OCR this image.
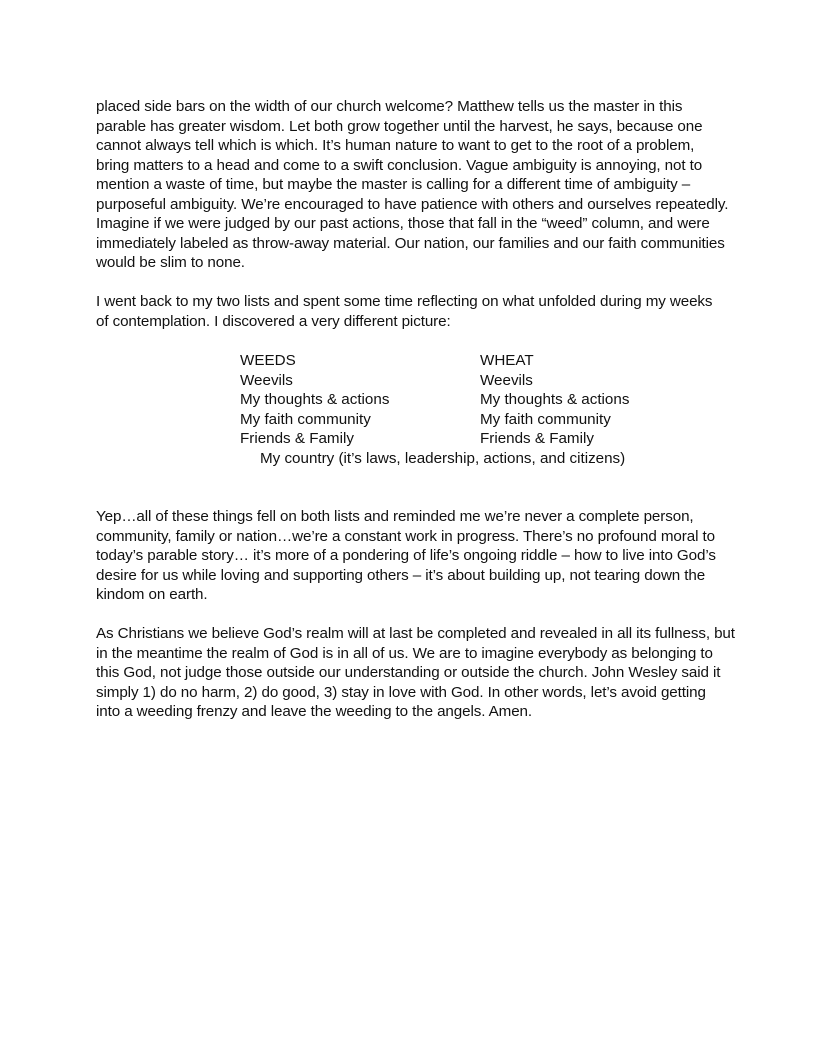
placed side bars on the width of our church welcome? Matthew tells us the master in this
parable has greater wisdom. Let both grow together until the harvest, he says, because one
cannot always tell which is which. It’s human nature to want to get to the root of a problem,
bring matters to a head and come to a swift conclusion. Vague ambiguity is annoying, not to
mention a waste of time, but maybe the master is calling for a different time of ambiguity –
purposeful ambiguity. We’re encouraged to have patience with others and ourselves repeatedly.
Imagine if we were judged by our past actions, those that fall in the “weed” column, and were
immediately labeled as throw-away material. Our nation, our families and our faith communities
would be slim to none.
I went back to my two lists and spent some time reflecting on what unfolded during my weeks
of contemplation. I discovered a very different picture:
WEEDS	WHEAT
Weevils	Weevils
My thoughts & actions	My thoughts & actions
My faith community	My faith community
Friends & Family	Friends & Family
My country (it’s laws, leadership, actions, and citizens)
Yep…all of these things fell on both lists and reminded me we’re never a complete person,
community, family or nation…we’re a constant work in progress. There’s no profound moral to
today’s parable story… it’s more of a pondering of life’s ongoing riddle – how to live into God’s
desire for us while loving and supporting others – it’s about building up, not tearing down the
kindom on earth.
As Christians we believe God’s realm will at last be completed and revealed in all its fullness, but
in the meantime the realm of God is in all of us. We are to imagine everybody as belonging to
this God, not judge those outside our understanding or outside the church. John Wesley said it
simply 1) do no harm, 2) do good, 3) stay in love with God. In other words, let’s avoid getting
into a weeding frenzy and leave the weeding to the angels. Amen.
